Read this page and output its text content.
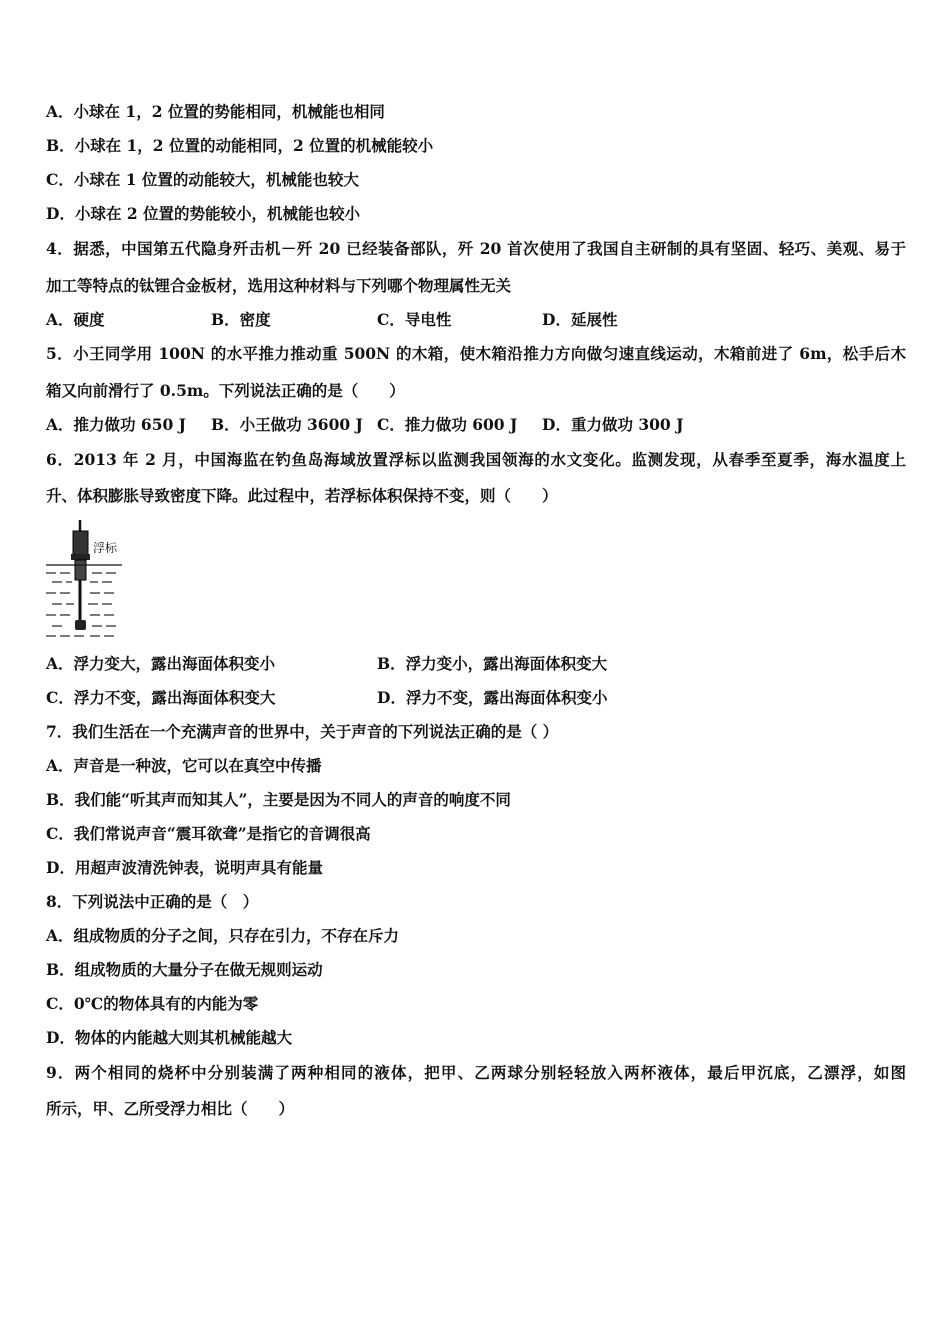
A．小球在 1，2 位置的势能相同，机械能也相同
B．小球在 1，2 位置的动能相同，2 位置的机械能较小
C．小球在 1 位置的动能较大，机械能也较大
D．小球在 2 位置的势能较小，机械能也较小
4．据悉，中国第五代隐身歼击机－歼 20 已经装备部队，歼 20 首次使用了我国自主研制的具有坚固、轻巧、美观、易于
加工等特点的钛锂合金板材，选用这种材料与下列哪个物理属性无关
A．硬度	B．密度	C．导电性	D．延展性
5．小王同学用 100N 的水平推力推动重 500N 的木箱，使木箱沿推力方向做匀速直线运动，木箱前进了 6m，松手后木
箱又向前滑行了 0.5m。下列说法正确的是（　　）
A．推力做功 650 J B．小王做功 3600 J C．推力做功 600 J D．重力做功 300 J
6．2013 年 2 月，中国海监在钓鱼岛海域放置浮标以监测我国领海的水文变化。监测发现，从春季至夏季，海水温度上
升、体积膨胀导致密度下降。此过程中，若浮标体积保持不变，则（　　）
浮标
A．浮力变大，露出海面体积变小	B．浮力变小，露出海面体积变大
C．浮力不变，露出海面体积变大	D．浮力不变，露出海面体积变小
7．我们生活在一个充满声音的世界中，关于声音的下列说法正确的是（ ）
A．声音是一种波，它可以在真空中传播
B．我们能“听其声而知其人”，主要是因为不同人的声音的响度不同
C．我们常说声音“震耳欲聋”是指它的音调很高
D．用超声波清洗钟表，说明声具有能量
8．下列说法中正确的是（　）
A．组成物质的分子之间，只存在引力，不存在斥力
B．组成物质的大量分子在做无规则运动
C．0℃的物体具有的内能为零
D．物体的内能越大则其机械能越大
9．两个相同的烧杯中分别装满了两种相同的液体，把甲、乙两球分别轻轻放入两杯液体，最后甲沉底，乙漂浮，如图
所示，甲、乙所受浮力相比（　　）
